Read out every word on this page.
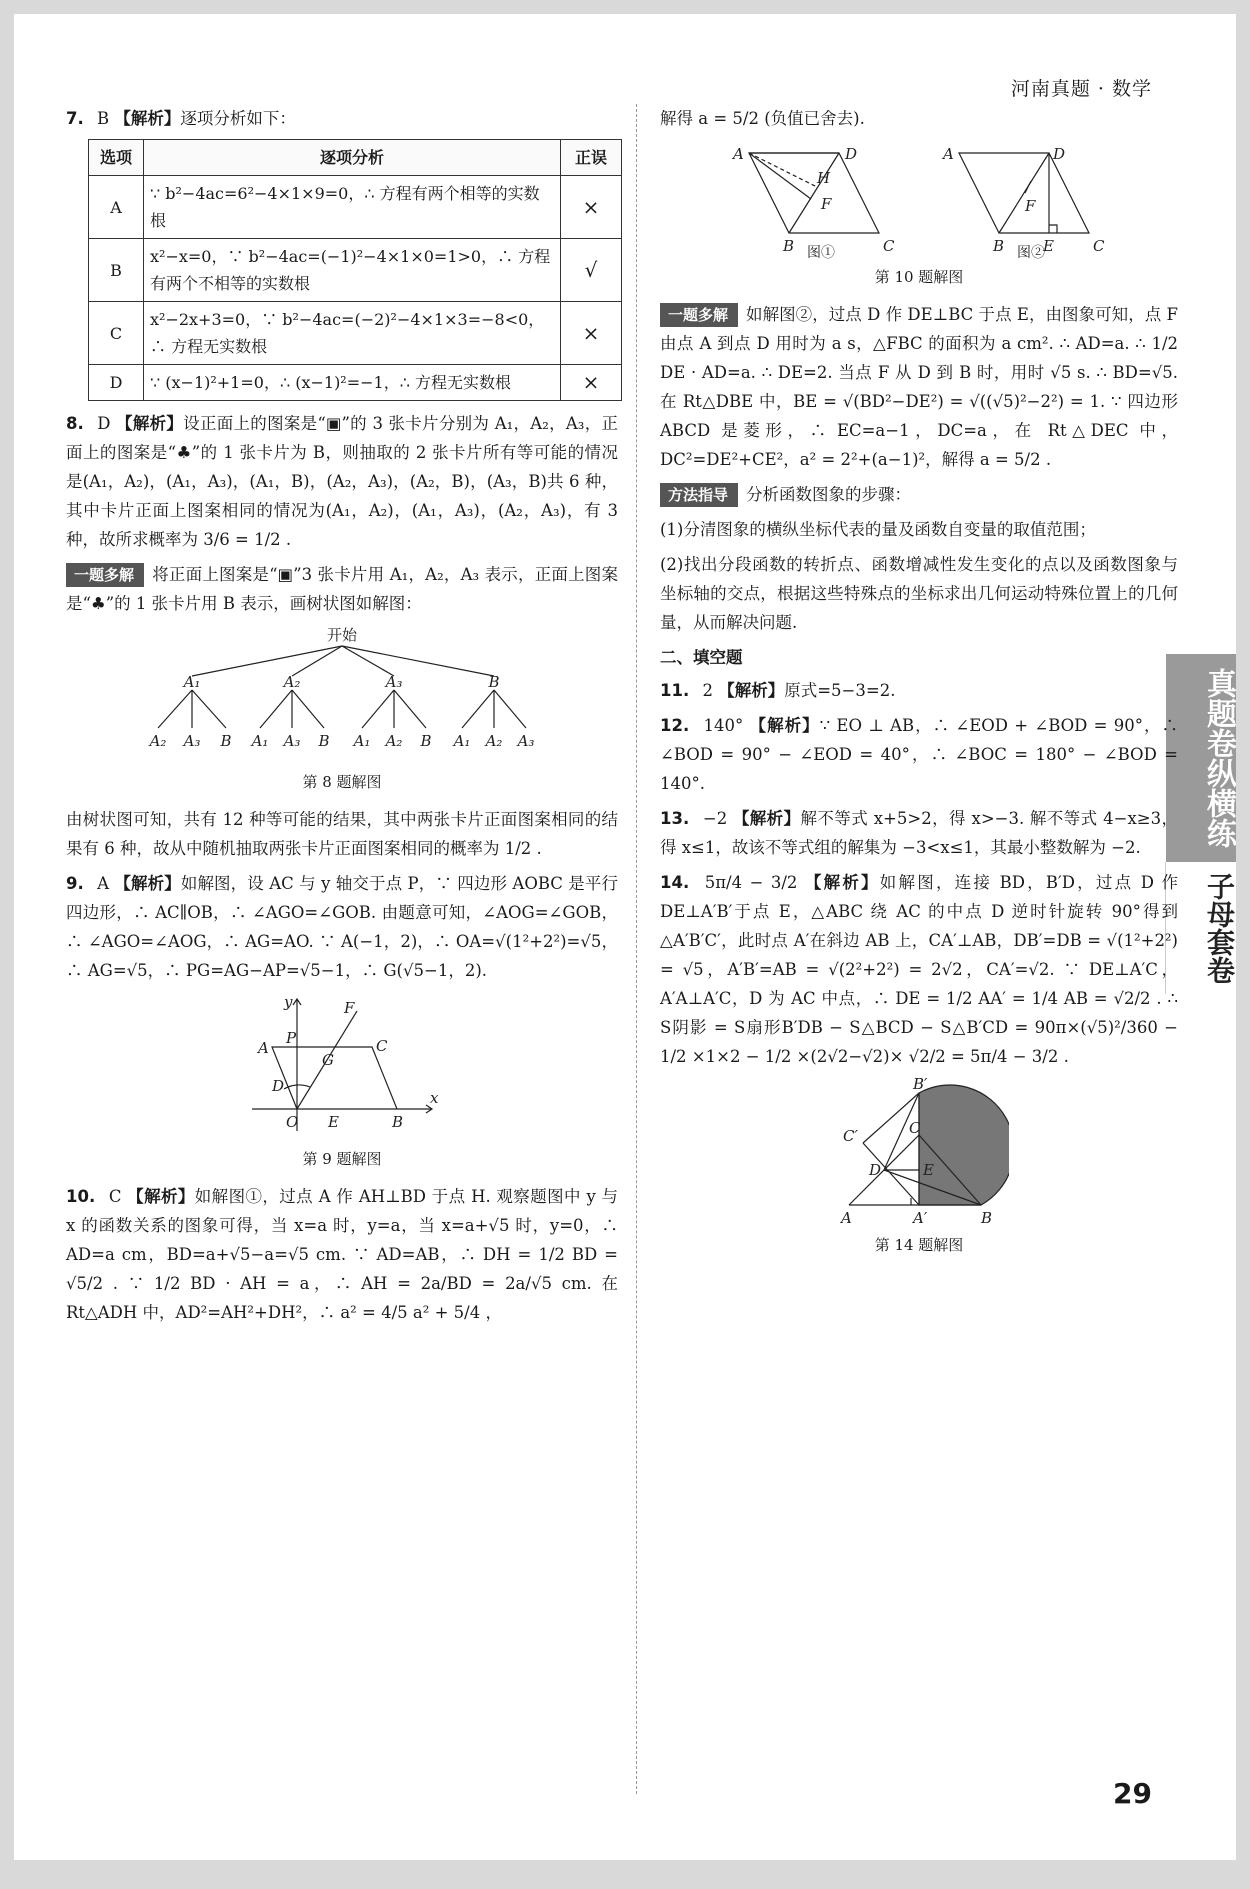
河南真题 · 数学
真题卷纵横练
子母套卷
7. B 【解析】逐项分析如下：
选项	逐项分析	正误
A	∵ b²−4ac=6²−4×1×9=0，∴ 方程有两个相等的实数根	×
B	x²−x=0，∵ b²−4ac=(−1)²−4×1×0=1>0，∴ 方程有两个不相等的实数根	√
C	x²−2x+3=0，∵ b²−4ac=(−2)²−4×1×3=−8<0，∴ 方程无实数根	×
D	∵ (x−1)²+1=0，∴ (x−1)²=−1，∴ 方程无实数根	×
8. D 【解析】设正面上的图案是“▣”的 3 张卡片分别为 A₁，A₂，A₃，正面上的图案是“♣”的 1 张卡片为 B，则抽取的 2 张卡片所有等可能的情况是(A₁，A₂)，(A₁，A₃)，(A₁，B)，(A₂，A₃)，(A₂，B)，(A₃，B)共 6 种，其中卡片正面上图案相同的情况为(A₁，A₂)，(A₁，A₃)，(A₂，A₃)，有 3 种，故所求概率为 3/6 = 1/2 .
一题多解 将正面上图案是“▣”3 张卡片用 A₁，A₂，A₃ 表示，正面上图案是“♣”的 1 张卡片用 B 表示，画树状图如解图：
开始
A₁	A₂	A₃	B
A₂ A₃ B A₁ A₃ B A₁ A₂ B A₁ A₂ A₃
第 8 题解图
由树状图可知，共有 12 种等可能的结果，其中两张卡片正面图案相同的结果有 6 种，故从中随机抽取两张卡片正面图案相同的概率为 1/2 .
9. A 【解析】如解图，设 AC 与 y 轴交于点 P，∵ 四边形 AOBC 是平行四边形，∴ AC∥OB，∴ ∠AGO=∠GOB. 由题意可知，∠AOG=∠GOB，∴ ∠AGO=∠AOG，∴ AG=AO. ∵ A(−1，2)，∴ OA=√(1²+2²)=√5，∴ AG=√5，∴ PG=AG−AP=√5−1，∴ G(√5−1，2).
y
x
O
A
P
F
C
G
D
E	B
第 9 题解图
10. C 【解析】如解图①，过点 A 作 AH⊥BD 于点 H. 观察题图中 y 与 x 的函数关系的图象可得，当 x=a 时，y=a，当 x=a+√5 时，y=0，∴ AD=a cm，BD=a+√5−a=√5 cm. ∵ AD=AB，∴ DH = 1/2 BD = √5/2 . ∵ 1/2 BD · AH = a，∴ AH = 2a/BD = 2a/√5 cm. 在 Rt△ADH 中，AD²=AH²+DH²，∴ a² = 4/5 a² + 5/4 ，
解得 a = 5/2 (负值已舍去).
A	D
H
F
B	C
A	D
F
B	E	C
图①	图②
第 10 题解图
一题多解 如解图②，过点 D 作 DE⊥BC 于点 E，由图象可知，点 F 由点 A 到点 D 用时为 a s，△FBC 的面积为 a cm². ∴ AD=a. ∴ 1/2 DE · AD=a. ∴ DE=2. 当点 F 从 D 到 B 时，用时 √5 s. ∴ BD=√5. 在 Rt△DBE 中，BE = √(BD²−DE²) = √((√5)²−2²) = 1. ∵ 四边形 ABCD 是菱形，∴ EC=a−1，DC=a，在 Rt△DEC 中，DC²=DE²+CE²，a² = 2²+(a−1)²，解得 a = 5/2 .
方法指导 分析函数图象的步骤：
(1)分清图象的横纵坐标代表的量及函数自变量的取值范围；
(2)找出分段函数的转折点、函数增减性发生变化的点以及函数图象与坐标轴的交点，根据这些特殊点的坐标求出几何运动特殊位置上的几何量，从而解决问题.
二、填空题
11. 2 【解析】原式=5−3=2.
12. 140° 【解析】∵ EO ⊥ AB，∴ ∠EOD + ∠BOD = 90°，∴ ∠BOD = 90° − ∠EOD = 40°，∴ ∠BOC = 180° − ∠BOD = 140°.
13. −2 【解析】解不等式 x+5>2，得 x>−3. 解不等式 4−x≥3，得 x≤1，故该不等式组的解集为 −3<x≤1，其最小整数解为 −2.
14. 5π/4 − 3/2 【解析】如解图，连接 BD，B′D，过点 D 作 DE⊥A′B′于点 E，△ABC 绕 AC 的中点 D 逆时针旋转 90°得到△A′B′C′，此时点 A′在斜边 AB 上，CA′⊥AB，DB′=DB = √(1²+2²) = √5，A′B′=AB = √(2²+2²) = 2√2，CA′=√2. ∵ DE⊥A′C，A′A⊥A′C，D 为 AC 中点，∴ DE = 1/2 AA′ = 1/4 AB = √2/2 . ∴ S阴影 = S扇形B′DB − S△BCD − S△B′CD = 90π×(√5)²/360 − 1/2 ×1×2 − 1/2 ×(2√2−√2)× √2/2 = 5π/4 − 3/2 .
B′
C′	C
D	E
A	A′	B
第 14 题解图
29
